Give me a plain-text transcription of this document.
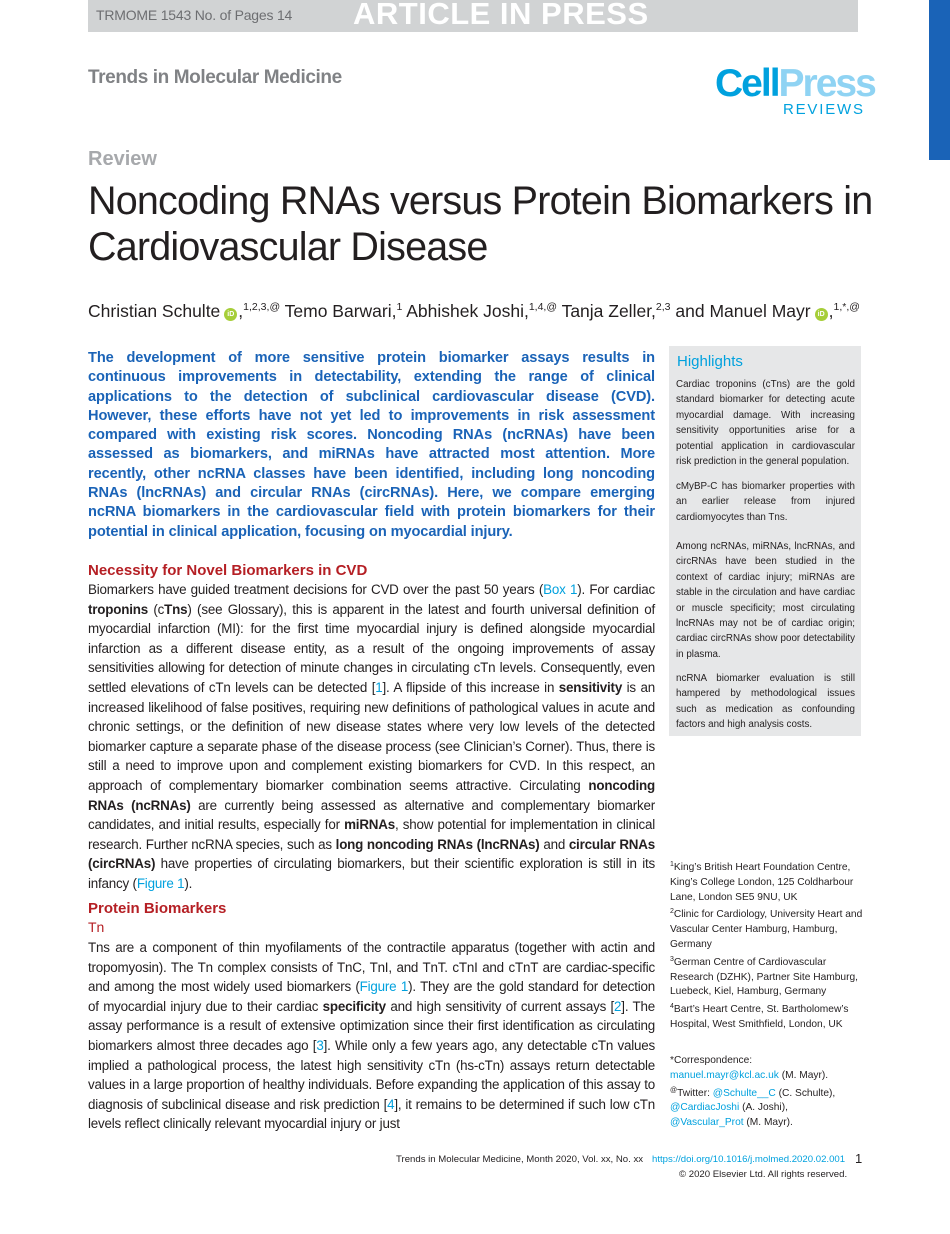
TRMOME 1543 No. of Pages 14 ARTICLE IN PRESS
Trends in Molecular Medicine	CellPress
REVIEWS
Review
Noncoding RNAs versus Protein Biomarkers in Cardiovascular Disease
Christian Schulte iD ,$^{1,2,3,@}$ Temo Barwari,$^1$ Abhishek Joshi,$^{1,4,@}$ Tanja Zeller,$^{2,3}$ and Manuel Mayr iD ,$^{1,*,@}$
The development of more sensitive protein biomarker assays results in continuous improvements in detectability, extending the range of clinical applications to the detection of subclinical cardiovascular disease (CVD). However, these efforts have not yet led to improvements in risk assessment compared with existing risk scores. Noncoding RNAs (ncRNAs) have been assessed as biomarkers, and miRNAs have attracted most attention. More recently, other ncRNA classes have been identified, including long noncoding RNAs (lncRNAs) and circular RNAs (circRNAs). Here, we compare emerging ncRNA biomarkers in the cardiovascular field with protein biomarkers for their potential in clinical application, focusing on myocardial injury.
Necessity for Novel Biomarkers in CVD
Biomarkers have guided treatment decisions for CVD over the past 50 years (Box 1). For cardiac troponins (cTns) (see Glossary), this is apparent in the latest and fourth universal definition of myocardial infarction (MI): for the first time myocardial injury is defined alongside myocardial infarction as a different disease entity, as a result of the ongoing improvements of assay sensitivities allowing for detection of minute changes in circulating cTn levels. Consequently, even settled elevations of cTn levels can be detected [1]. A flipside of this increase in sensitivity is an increased likelihood of false positives, requiring new definitions of pathological values in acute and chronic settings, or the definition of new disease states where very low levels of the detected biomarker capture a separate phase of the disease process (see Clinician’s Corner). Thus, there is still a need to improve upon and complement existing biomarkers for CVD. In this respect, an approach of complementary biomarker combination seems attractive. Circulating noncoding RNAs (ncRNAs) are currently being assessed as alternative and complementary biomarker candidates, and initial results, especially for miRNAs, show potential for implementation in clinical research. Further ncRNA species, such as long noncoding RNAs (lncRNAs) and circular RNAs (circRNAs) have properties of circulating biomarkers, but their scientific exploration is still in its infancy (Figure 1).
Protein Biomarkers
Tn
Tns are a component of thin myofilaments of the contractile apparatus (together with actin and tropomyosin). The Tn complex consists of TnC, TnI, and TnT. cTnI and cTnT are cardiac-specific and among the most widely used biomarkers (Figure 1). They are the gold standard for detection of myocardial injury due to their cardiac specificity and high sensitivity of current assays [2]. The assay performance is a result of extensive optimization since their first identification as circulating biomarkers almost three decades ago [3]. While only a few years ago, any detectable cTn values implied a pathological process, the latest high sensitivity cTn (hs-cTn) assays return detectable values in a large proportion of healthy individuals. Before expanding the application of this assay to diagnosis of subclinical disease and risk prediction [4], it remains to be determined if such low cTn levels reflect clinically relevant myocardial injury or just
Highlights
Cardiac troponins (cTns) are the gold standard biomarker for detecting acute myocardial damage. With increasing sensitivity opportunities arise for a potential application in cardiovascular risk prediction in the general population.
cMyBP-C has biomarker properties with an earlier release from injured cardiomyocytes than Tns.
Among ncRNAs, miRNAs, lncRNAs, and circRNAs have been studied in the context of cardiac injury; miRNAs are stable in the circulation and have cardiac or muscle specificity; most circulating lncRNAs may not be of cardiac origin; cardiac circRNAs show poor detectability in plasma.
ncRNA biomarker evaluation is still hampered by methodological issues such as medication as confounding factors and high analysis costs.
$^1$King’s British Heart Foundation Centre, King’s College London, 125 Coldharbour Lane, London SE5 9NU, UK
$^2$Clinic for Cardiology, University Heart and Vascular Center Hamburg, Hamburg, Germany
$^3$German Centre of Cardiovascular Research (DZHK), Partner Site Hamburg, Luebeck, Kiel, Hamburg, Germany
$^4$Bart’s Heart Centre, St. Bartholomew’s Hospital, West Smithfield, London, UK
*Correspondence:
manuel.mayr@kcl.ac.uk (M. Mayr).
@Twitter: @Schulte__C (C. Schulte),
@CardiacJoshi (A. Joshi),
@Vascular_Prot (M. Mayr).
Trends in Molecular Medicine, Month 2020, Vol. xx, No. xx https://doi.org/10.1016/j.molmed.2020.02.001 1
© 2020 Elsevier Ltd. All rights reserved.
